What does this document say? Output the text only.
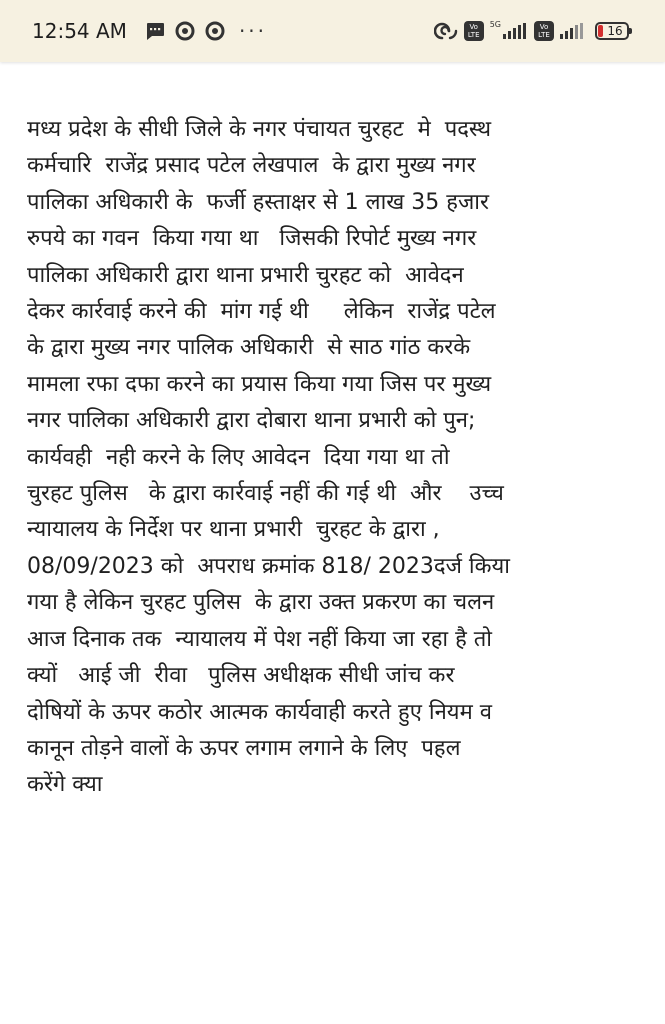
12:54 AM	···	Vo LTE
5G	Vo LTE	16
मध्य प्रदेश के सीधी जिले के नगर पंचायत चुरहट  मे  पदस्थ
कर्मचारि  राजेंद्र प्रसाद पटेल लेखपाल  के द्वारा मुख्य नगर
पालिका अधिकारी के  फर्जी हस्ताक्षर से 1 लाख 35 हजार
रुपये का गवन  किया गया था   जिसकी रिपोर्ट मुख्य नगर
पालिका अधिकारी द्वारा थाना प्रभारी चुरहट को  आवेदन
देकर कार्रवाई करने की  मांग गई थी     लेकिन  राजेंद्र पटेल
के द्वारा मुख्य नगर पालिक अधिकारी  से साठ गांठ करके
मामला रफा दफा करने का प्रयास किया गया जिस पर मुख्य
नगर पालिका अधिकारी द्वारा दोबारा थाना प्रभारी को पुन;
कार्यवही  नही करने के लिए आवेदन  दिया गया था तो
चुरहट पुलिस   के द्वारा कार्रवाई नहीं की गई थी  और    उच्च
न्यायालय के निर्देश पर थाना प्रभारी  चुरहट के द्वारा ,
08/09/2023 को  अपराध क्रमांक 818/ 2023दर्ज किया
गया है लेकिन चुरहट पुलिस  के द्वारा उक्त प्रकरण का चलन
आज दिनाक तक  न्यायालय में पेश नहीं किया जा रहा है तो
क्यों   आई जी  रीवा   पुलिस अधीक्षक सीधी जांच कर
दोषियों के ऊपर कठोर आत्मक कार्यवाही करते हुए नियम व
कानून तोड़ने वालों के ऊपर लगाम लगाने के लिए  पहल
करेंगे क्या
